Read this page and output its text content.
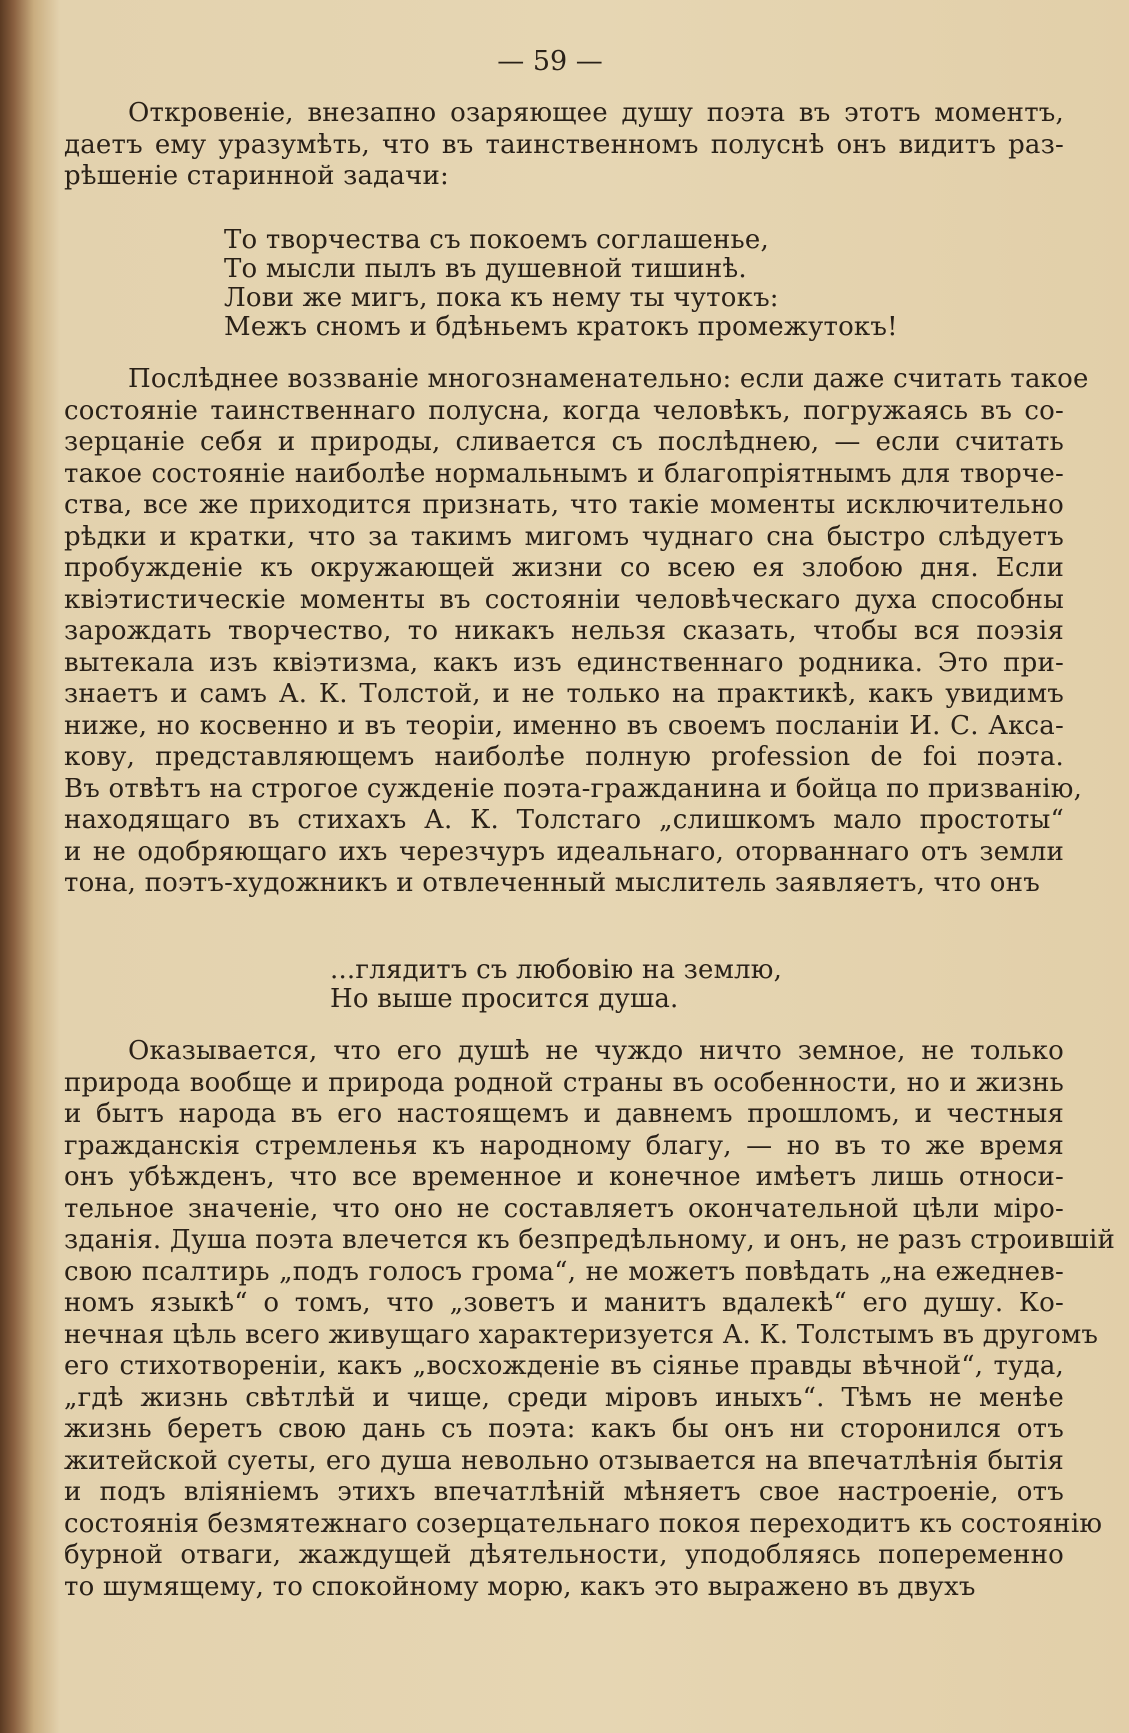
— 59 —
Откровеніе, внезапно озаряющее душу поэта въ этотъ моментъ,
даетъ ему уразумѣть, что въ таинственномъ полуснѣ онъ видитъ раз-
рѣшеніе старинной задачи:
То творчества съ покоемъ соглашенье,
То мысли пылъ въ душевной тишинѣ.
Лови же мигъ, пока къ нему ты чутокъ:
Межъ сномъ и бдѣньемъ кратокъ промежутокъ!
Послѣднее воззваніе многознаменательно: если даже считать такое
состояніе таинственнаго полусна, когда человѣкъ, погружаясь въ со-
зерцаніе себя и природы, сливается съ послѣднею, — если считать
такое состояніе наиболѣе нормальнымъ и благопріятнымъ для творче-
ства, все же приходится признать, что такіе моменты исключительно
рѣдки и кратки, что за такимъ мигомъ чуднаго сна быстро слѣдуетъ
пробужденіе къ окружающей жизни со всею ея злобою дня. Если
квіэтистическіе моменты въ состояніи человѣческаго духа способны
зарождать творчество, то никакъ нельзя сказать, чтобы вся поэзія
вытекала изъ квіэтизма, какъ изъ единственнаго родника. Это при-
знаетъ и самъ А. К. Толстой, и не только на практикѣ, какъ увидимъ
ниже, но косвенно и въ теоріи, именно въ своемъ посланіи И. С. Акса-
кову, представляющемъ наиболѣе полную profession de foi поэта.
Въ отвѣтъ на строгое сужденіе поэта-гражданина и бойца по призванію,
находящаго въ стихахъ А. К. Толстаго „слишкомъ мало простоты“
и не одобряющаго ихъ черезчуръ идеальнаго, оторваннаго отъ земли
тона, поэтъ-художникъ и отвлеченный мыслитель заявляетъ, что онъ
...глядитъ съ любовію на землю,
Но выше просится душа.
Оказывается, что его душѣ не чуждо ничто земное, не только
природа вообще и природа родной страны въ особенности, но и жизнь
и бытъ народа въ его настоящемъ и давнемъ прошломъ, и честныя
гражданскія стремленья къ народному благу, — но въ то же время
онъ убѣжденъ, что все временное и конечное имѣетъ лишь относи-
тельное значеніе, что оно не составляетъ окончательной цѣли міро-
зданія. Душа поэта влечется къ безпредѣльному, и онъ, не разъ строившій
свою псалтирь „подъ голосъ грома“, не можетъ повѣдать „на ежеднев-
номъ языкѣ“ о томъ, что „зоветъ и манитъ вдалекѣ“ его душу. Ко-
нечная цѣль всего живущаго характеризуется А. К. Толстымъ въ другомъ
его стихотвореніи, какъ „восхожденіе въ сіянье правды вѣчной“, туда,
„гдѣ жизнь свѣтлѣй и чище, среди міровъ иныхъ“. Тѣмъ не менѣе
жизнь беретъ свою дань съ поэта: какъ бы онъ ни сторонился отъ
житейской суеты, его душа невольно отзывается на впечатлѣнія бытія
и подъ вліяніемъ этихъ впечатлѣній мѣняетъ свое настроеніе, отъ
состоянія безмятежнаго созерцательнаго покоя переходитъ къ состоянію
бурной отваги, жаждущей дѣятельности, уподобляясь попеременно
то шумящему, то спокойному морю, какъ это выражено въ двухъ
